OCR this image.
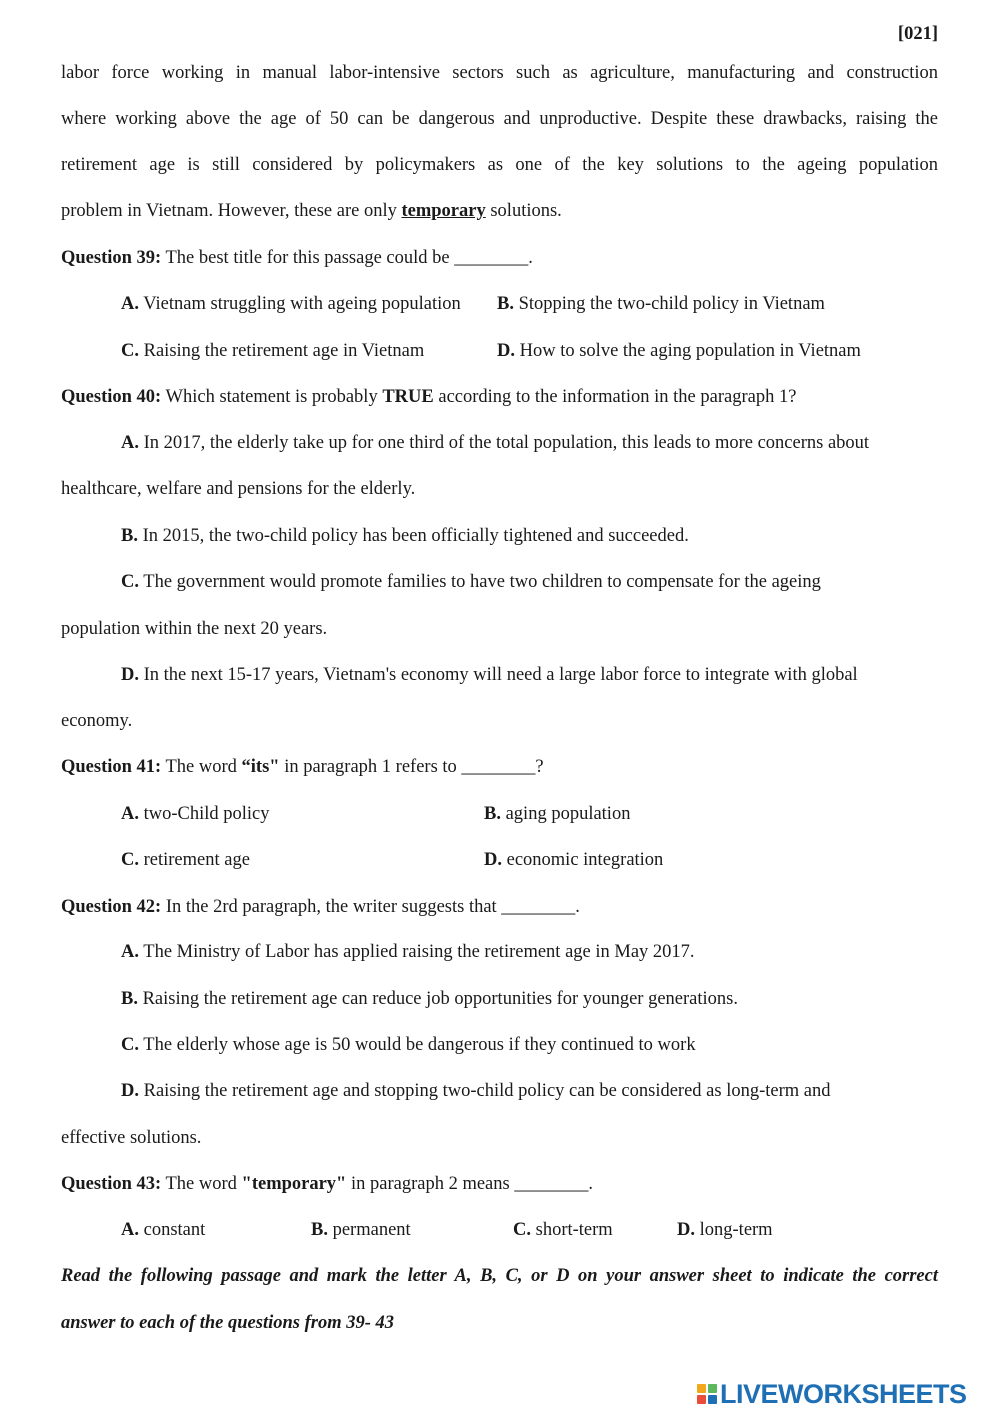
[021]
labor force working in manual labor-intensive sectors such as agriculture, manufacturing and construction
where working above the age of 50 can be dangerous and unproductive. Despite these drawbacks, raising the
retirement age is still considered by policymakers as one of the key solutions to the ageing population
problem in Vietnam. However, these are only temporary solutions.
Question 39: The best title for this passage could be ________.
A. Vietnam struggling with ageing population B. Stopping the two-child policy in Vietnam
C. Raising the retirement age in Vietnam	D. How to solve the aging population in Vietnam
Question 40: Which statement is probably TRUE according to the information in the paragraph 1?
A. In 2017, the elderly take up for one third of the total population, this leads to more concerns about
healthcare, welfare and pensions for the elderly.
B. In 2015, the two-child policy has been officially tightened and succeeded.
C. The government would promote families to have two children to compensate for the ageing
population within the next 20 years.
D. In the next 15-17 years, Vietnam's economy will need a large labor force to integrate with global
economy.
Question 41: The word “its" in paragraph 1 refers to ________?
A. two-Child policy	B. aging population
C. retirement age	D. economic integration
Question 42: In the 2rd paragraph, the writer suggests that ________.
A. The Ministry of Labor has applied raising the retirement age in May 2017.
B. Raising the retirement age can reduce job opportunities for younger generations.
C. The elderly whose age is 50 would be dangerous if they continued to work
D. Raising the retirement age and stopping two-child policy can be considered as long-term and
effective solutions.
Question 43: The word "temporary" in paragraph 2 means ________.
A. constant	B. permanent	C. short-term	D. long-term
Read the following passage and mark the letter A, B, C, or D on your answer sheet to indicate the correct
answer to each of the questions from 39- 43
LIVEWORKSHEETS
